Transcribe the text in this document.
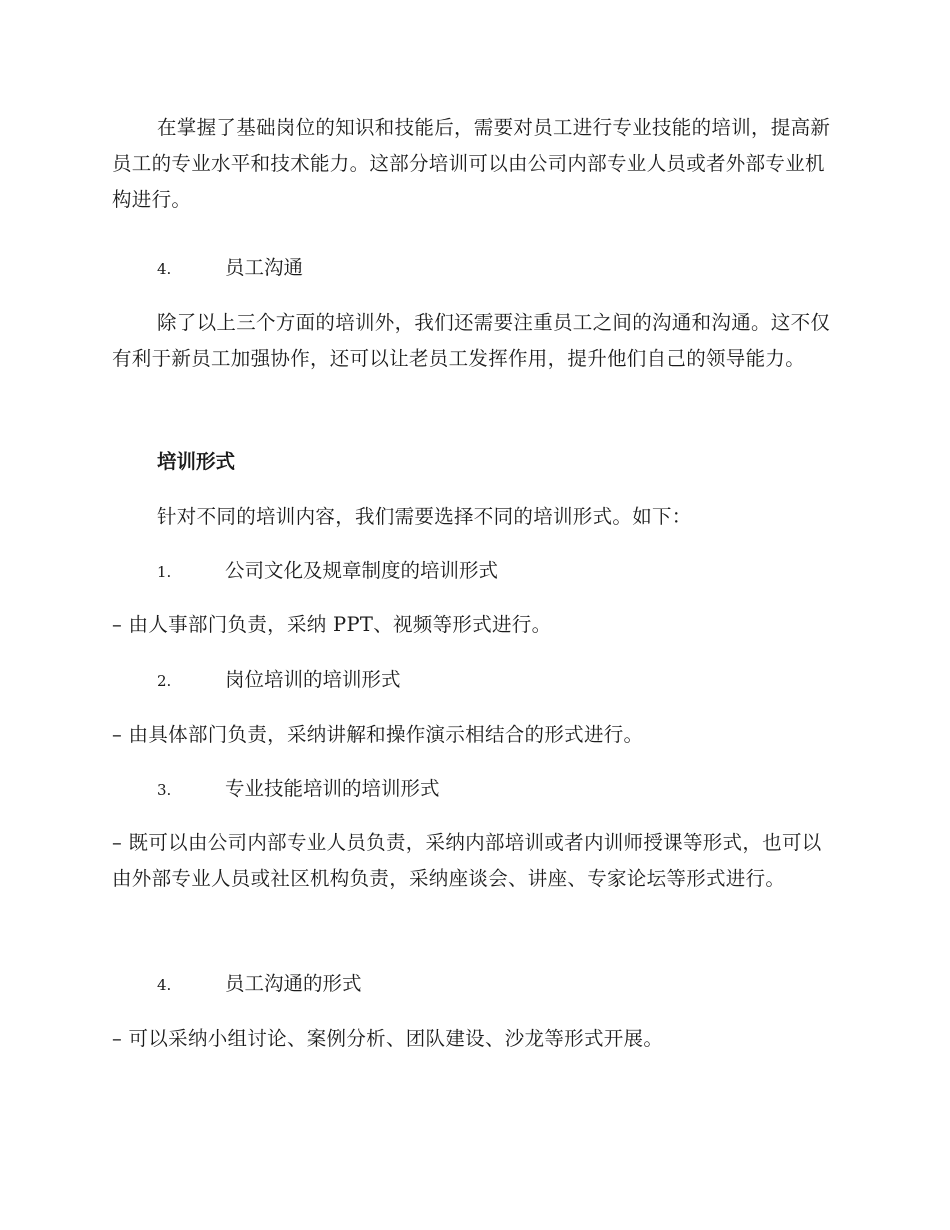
在掌握了基础岗位的知识和技能后，需要对员工进行专业技能的培训，提高新员工的专业水平和技术能力。这部分培训可以由公司内部专业人员或者外部专业机构进行。

4.	员工沟通

除了以上三个方面的培训外，我们还需要注重员工之间的沟通和沟通。这不仅有利于新员工加强协作，还可以让老员工发挥作用，提升他们自己的领导能力。

培训形式

针对不同的培训内容，我们需要选择不同的培训形式。如下：

1.	公司文化及规章制度的培训形式

– 由人事部门负责，采纳 PPT、视频等形式进行。

2.	岗位培训的培训形式

– 由具体部门负责，采纳讲解和操作演示相结合的形式进行。

3.	专业技能培训的培训形式

– 既可以由公司内部专业人员负责，采纳内部培训或者内训师授课等形式，也可以由外部专业人员或社区机构负责，采纳座谈会、讲座、专家论坛等形式进行。

4.	员工沟通的形式

– 可以采纳小组讨论、案例分析、团队建设、沙龙等形式开展。
